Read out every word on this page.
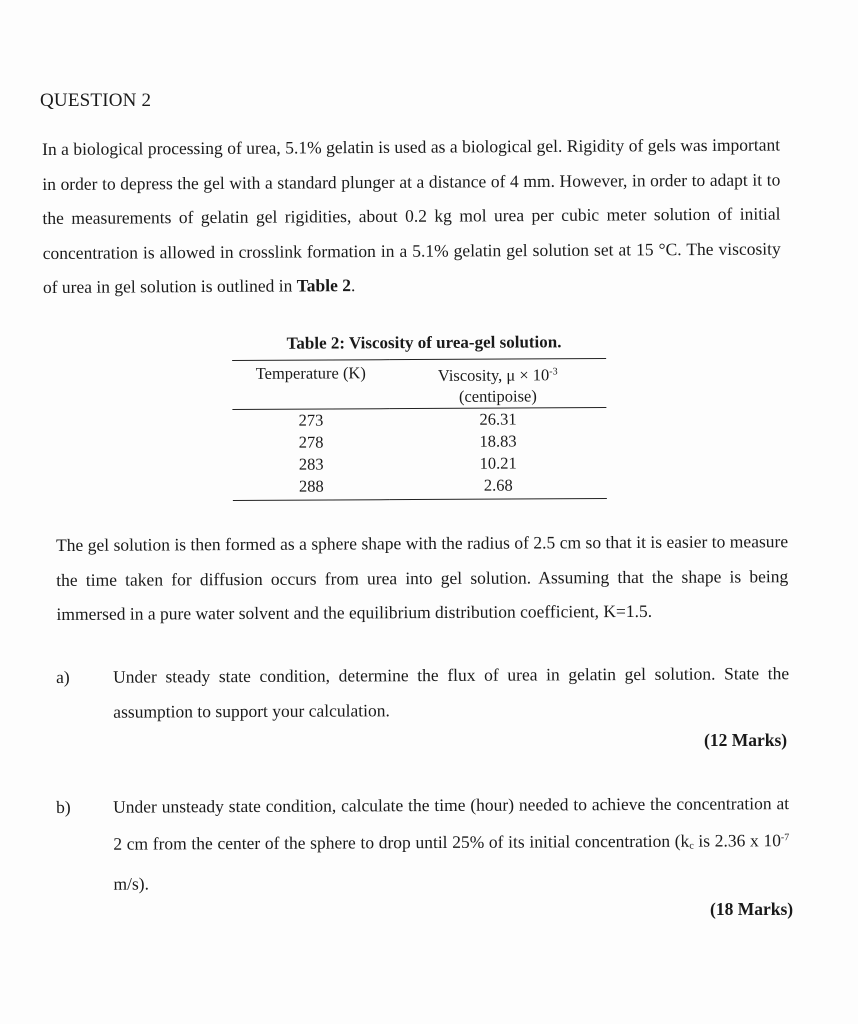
QUESTION 2
In a biological processing of urea, 5.1% gelatin is used as a biological gel. Rigidity of gels was important in order to depress the gel with a standard plunger at a distance of 4 mm. However, in order to adapt it to the measurements of gelatin gel rigidities, about 0.2 kg mol urea per cubic meter solution of initial concentration is allowed in crosslink formation in a 5.1% gelatin gel solution set at 15 °C. The viscosity of urea in gel solution is outlined in Table 2.
Table 2: Viscosity of urea-gel solution.
Temperature (K)	Viscosity, $\mu \times 10^{-3}$
(centipoise)
273	26.31
278	18.83
283	10.21
288	2.68
The gel solution is then formed as a sphere shape with the radius of 2.5 cm so that it is easier to measure the time taken for diffusion occurs from urea into gel solution. Assuming that the shape is being immersed in a pure water solvent and the equilibrium distribution coefficient, K=1.5.
a) Under steady state condition, determine the flux of urea in gelatin gel solution. State the assumption to support your calculation.
(12 Marks)
b) Under unsteady state condition, calculate the time (hour) needed to achieve the concentration at 2 cm from the center of the sphere to drop until 25% of its initial concentration ($k_c$ is 2.36 x $10^{-7}$ m/s).
(18 Marks)
